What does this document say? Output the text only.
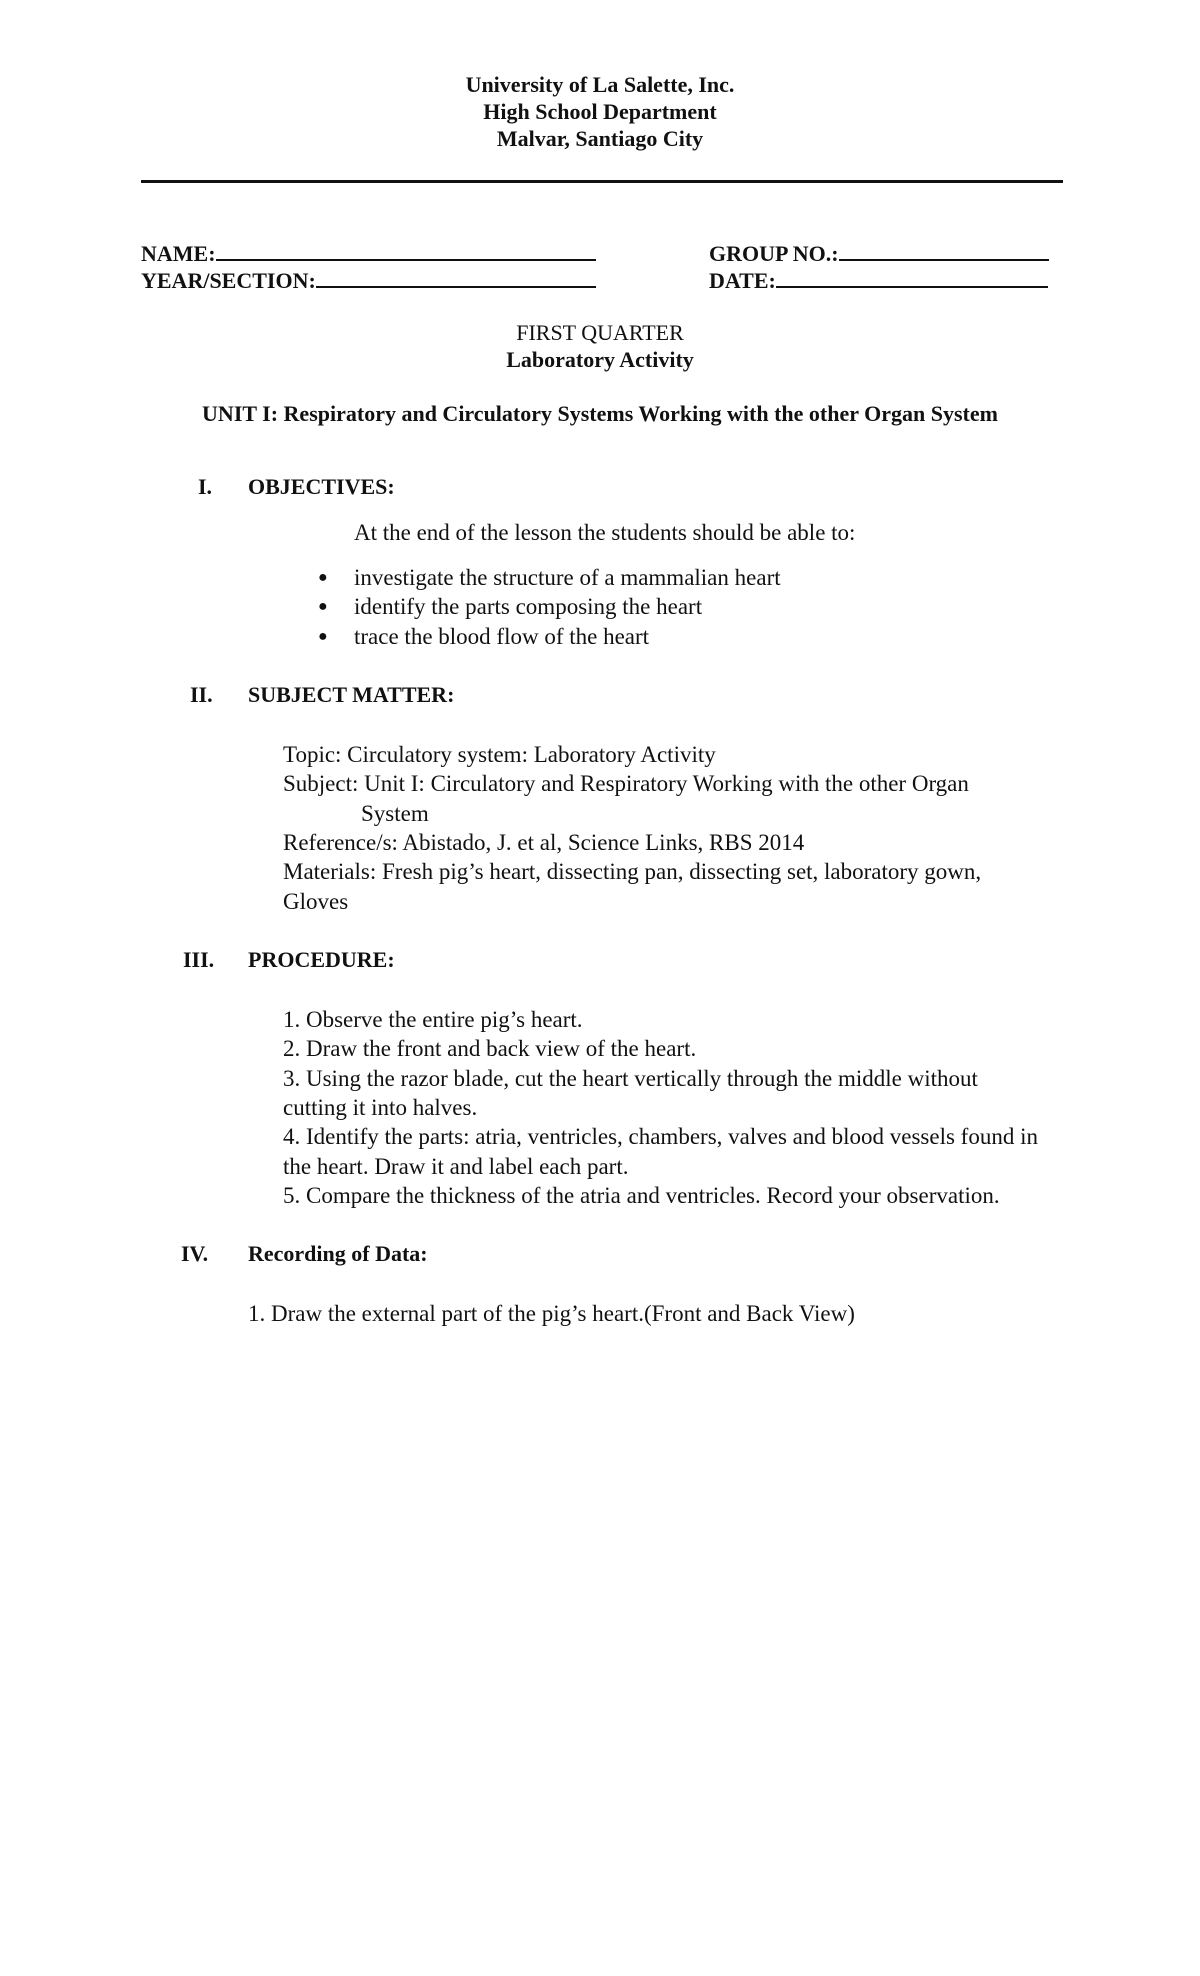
University of La Salette, Inc.
High School Department
Malvar, Santiago City
NAME:	GROUP NO.:
YEAR/SECTION:	DATE:
FIRST QUARTER
Laboratory Activity
UNIT I: Respiratory and Circulatory Systems Working with the other Organ System
I. OBJECTIVES:
At the end of the lesson the students should be able to:
●	investigate the structure of a mammalian heart
●	identify the parts composing the heart
●	trace the blood flow of the heart
II. SUBJECT MATTER:
Topic: Circulatory system: Laboratory Activity
Subject: Unit I: Circulatory and Respiratory Working with the other Organ
System
Reference/s: Abistado, J. et al, Science Links, RBS 2014
Materials: Fresh pig’s heart, dissecting pan, dissecting set, laboratory gown,
Gloves
III. PROCEDURE:
1. Observe the entire pig’s heart.
2. Draw the front and back view of the heart.
3. Using the razor blade, cut the heart vertically through the middle without
cutting it into halves.
4. Identify the parts: atria, ventricles, chambers, valves and blood vessels found in
the heart. Draw it and label each part.
5. Compare the thickness of the atria and ventricles. Record your observation.
IV. Recording of Data:
1. Draw the external part of the pig’s heart.(Front and Back View)
